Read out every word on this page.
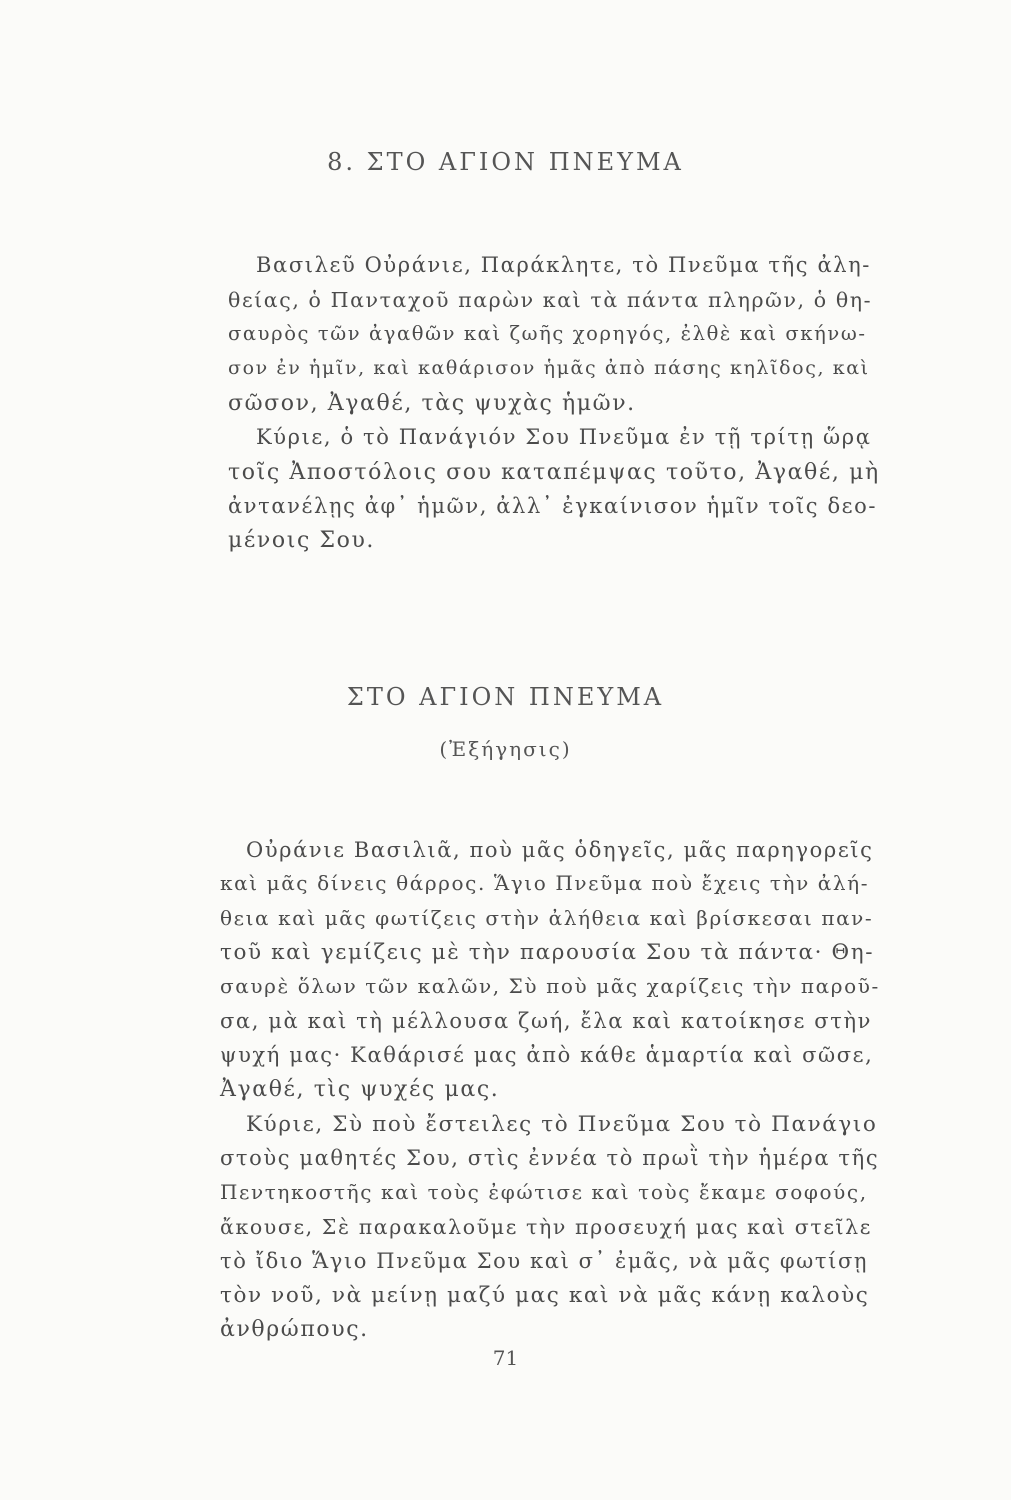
8. ΣΤΟ ΑΓΙΟΝ ΠΝΕΥΜΑ
Βασιλεῦ Οὐράνιε, Παράκλητε, τὸ Πνεῦμα τῆς ἀλη-
θείας, ὁ Πανταχοῦ παρὼν καὶ τὰ πάντα πληρῶν, ὁ θη-
σαυρὸς τῶν ἀγαθῶν καὶ ζωῆς χορηγός, ἐλθὲ καὶ σκήνω-
σον ἐν ἡμῖν, καὶ καθάρισον ἡμᾶς ἀπὸ πάσης κηλῖδος, καὶ
σῶσον, Ἀγαθέ, τὰς ψυχὰς ἡμῶν.
Κύριε, ὁ τὸ Πανάγιόν Σου Πνεῦμα ἐν τῇ τρίτῃ ὥρᾳ
τοῖς Ἀποστόλοις σου καταπέμψας τοῦτο, Ἀγαθέ, μὴ
ἀντανέλῃς ἀφ᾽ ἡμῶν, ἀλλ᾽ ἐγκαίνισον ἡμῖν τοῖς δεο-
μένοις Σου.
ΣΤΟ ΑΓΙΟΝ ΠΝΕΥΜΑ
(Ἐξήγησις)
Οὐράνιε Βασιλιᾶ, ποὺ μᾶς ὁδηγεῖς, μᾶς παρηγορεῖς
καὶ μᾶς δίνεις θάρρος. Ἅγιο Πνεῦμα ποὺ ἔχεις τὴν ἀλή-
θεια καὶ μᾶς φωτίζεις στὴν ἀλήθεια καὶ βρίσκεσαι παν-
τοῦ καὶ γεμίζεις μὲ τὴν παρουσία Σου τὰ πάντα· Θη-
σαυρὲ ὅλων τῶν καλῶν, Σὺ ποὺ μᾶς χαρίζεις τὴν παροῦ-
σα, μὰ καὶ τὴ μέλλουσα ζωή, ἔλα καὶ κατοίκησε στὴν
ψυχή μας· Καθάρισέ μας ἀπὸ κάθε ἁμαρτία καὶ σῶσε,
Ἀγαθέ, τὶς ψυχές μας.
Κύριε, Σὺ ποὺ ἔστειλες τὸ Πνεῦμα Σου τὸ Πανάγιο
στοὺς μαθητές Σου, στὶς ἐννέα τὸ πρωῒ τὴν ἡμέρα τῆς
Πεντηκοστῆς καὶ τοὺς ἐφώτισε καὶ τοὺς ἔκαμε σοφούς,
ἄκουσε, Σὲ παρακαλοῦμε τὴν προσευχή μας καὶ στεῖλε
τὸ ἴδιο Ἅγιο Πνεῦμα Σου καὶ σ᾽ ἐμᾶς, νὰ μᾶς φωτίσῃ
τὸν νοῦ, νὰ μείνῃ μαζύ μας καὶ νὰ μᾶς κάνῃ καλοὺς
ἀνθρώπους.
71
